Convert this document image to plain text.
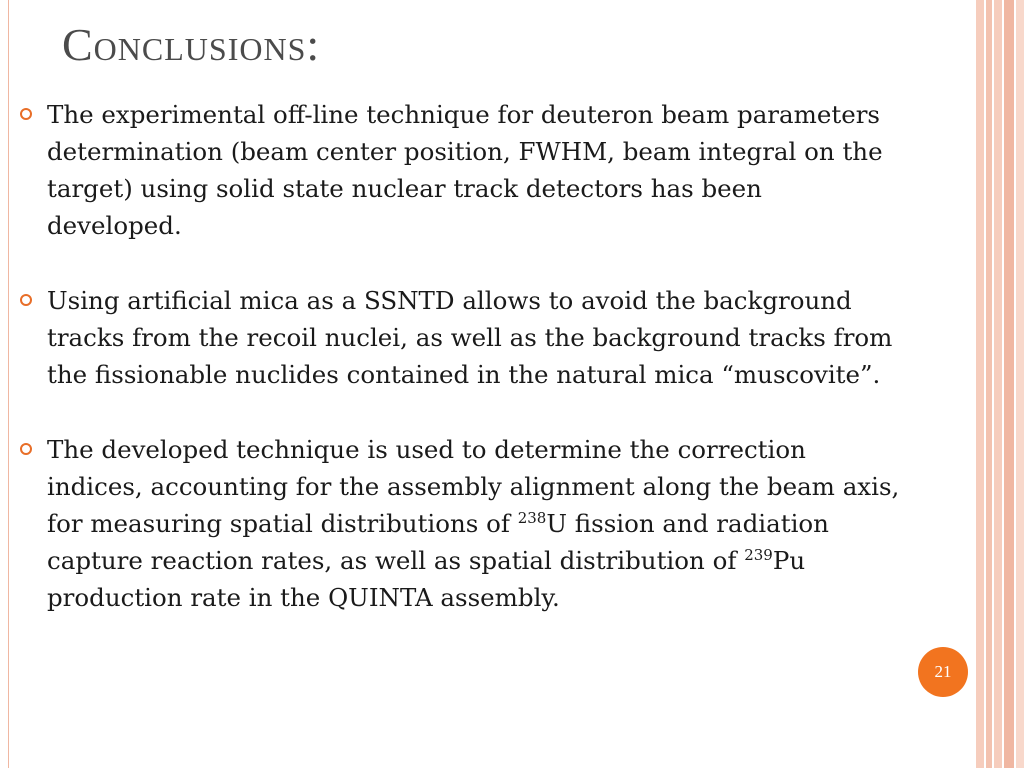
Conclusions:
The experimental off-line technique for deuteron beam parameters determination (beam center position, FWHM, beam integral on the target) using solid state nuclear track detectors has been developed.
Using artificial mica as a SSNTD allows to avoid the background tracks from the recoil nuclei, as well as the background tracks from the fissionable nuclides contained in the natural mica “muscovite”.
The developed technique is used to determine the correction indices, accounting for the assembly alignment along the beam axis, for measuring spatial distributions of $^{238}$U fission and radiation capture reaction rates, as well as spatial distribution of $^{239}$Pu production rate in the QUINTA assembly.
21
